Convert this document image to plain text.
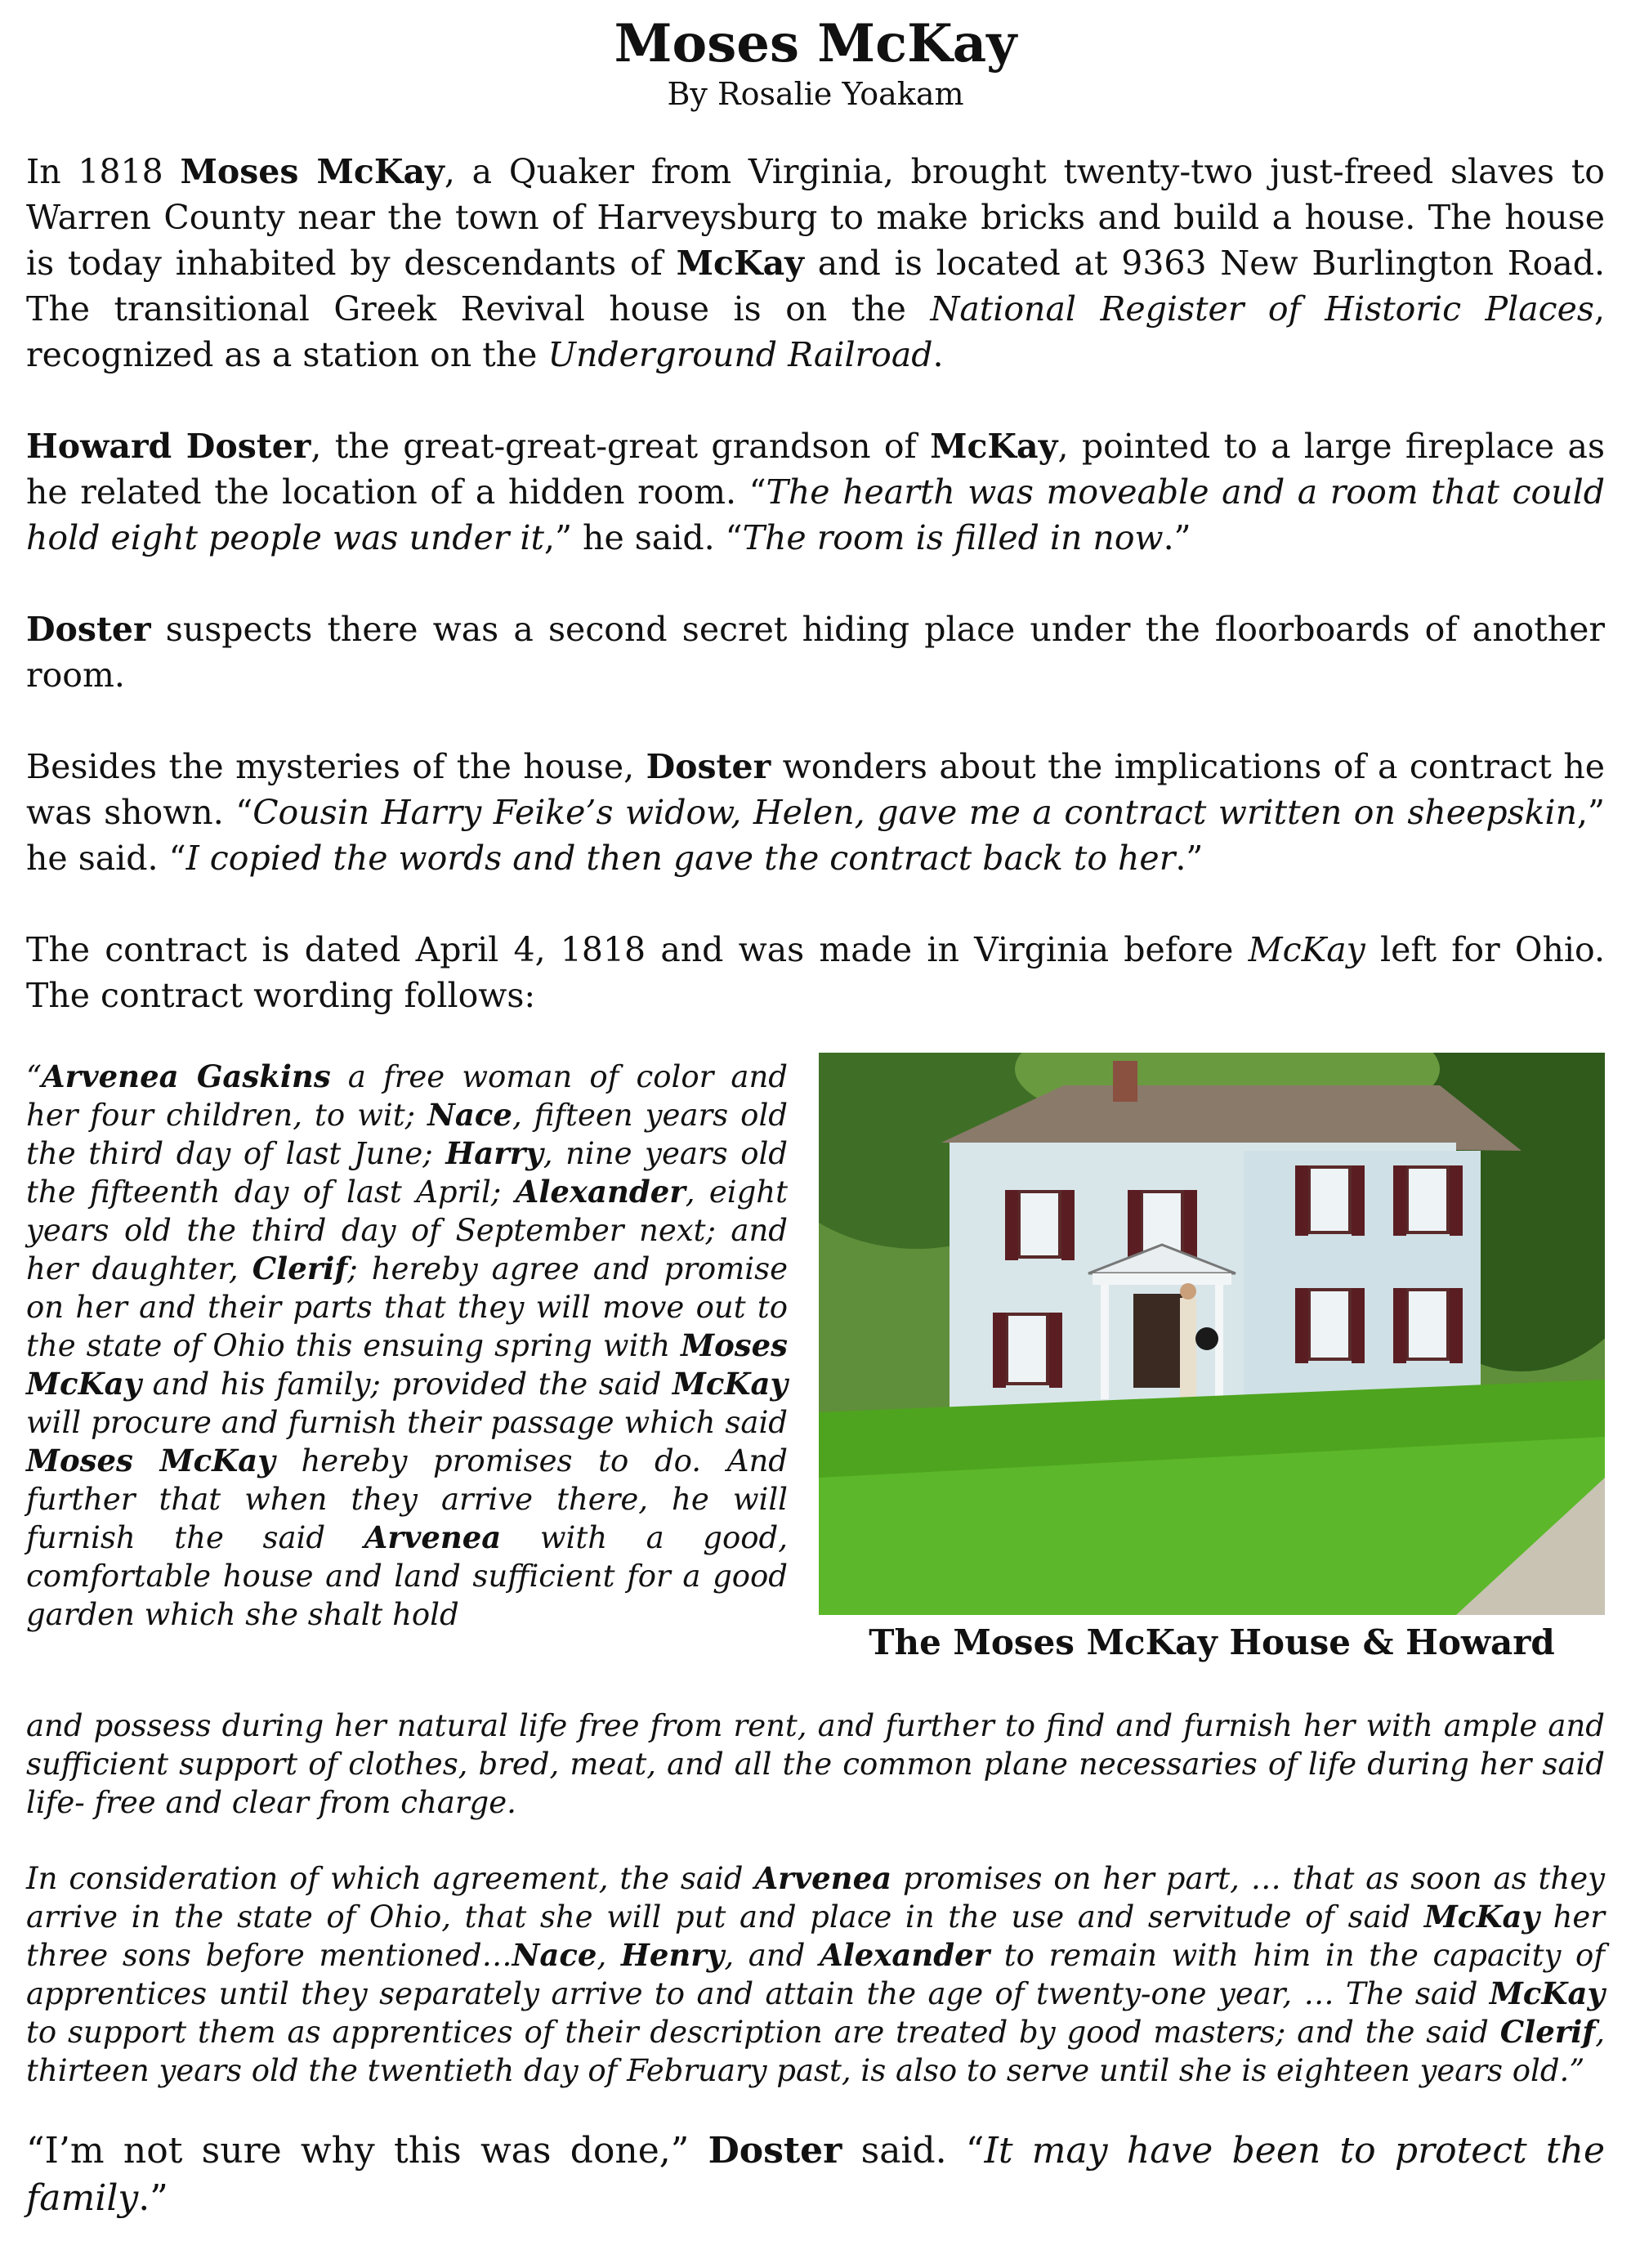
Moses McKay
By Rosalie Yoakam

In 1818 Moses McKay, a Quaker from Virginia, brought twenty-two just-freed slaves to Warren County near the town of Harveysburg to make bricks and build a house. The house is today inhabited by descendants of McKay and is located at 9363 New Burlington Road. The transitional Greek Revival house is on the National Register of Historic Places, recognized as a station on the Underground Railroad.

Howard Doster, the great-great-great grandson of McKay, pointed to a large fireplace as he related the location of a hidden room. “The hearth was moveable and a room that could hold eight people was under it,” he said. “The room is filled in now.”

Doster suspects there was a second secret hiding place under the floorboards of another room.

Besides the mysteries of the house, Doster wonders about the implications of a contract he was shown. “Cousin Harry Feike’s widow, Helen, gave me a contract written on sheepskin,” he said. “I copied the words and then gave the contract back to her.”

The contract is dated April 4, 1818 and was made in Virginia before McKay left for Ohio. The contract wording follows:

“Arvenea Gaskins a free woman of color and her four children, to wit; Nace, fifteen years old the third day of last June; Harry, nine years old the fifteenth day of last April; Alexander, eight years old the third day of September next; and her daughter, Clerif; hereby agree and promise on her and their parts that they will move out to the state of Ohio this ensuing spring with Moses McKay and his family; provided the said McKay will procure and furnish their passage which said Moses McKay hereby promises to do. And further that when they arrive there, he will furnish the said Arvenea with a good, comfortable house and land sufficient for a good garden which she shalt hold
The Moses McKay House & Howard

and possess during her natural life free from rent, and further to find and furnish her with ample and sufficient support of clothes, bred, meat, and all the common plane necessaries of life during her said life- free and clear from charge.

In consideration of which agreement, the said Arvenea promises on her part, … that as soon as they arrive in the state of Ohio, that she will put and place in the use and servitude of said McKay her three sons before mentioned…Nace, Henry, and Alexander to remain with him in the capacity of apprentices until they separately arrive to and attain the age of twenty-one year, … The said McKay to support them as apprentices of their description are treated by good masters; and the said Clerif, thirteen years old the twentieth day of February past, is also to serve until she is eighteen years old.”

“I’m not sure why this was done,” Doster said. “It may have been to protect the family.”
